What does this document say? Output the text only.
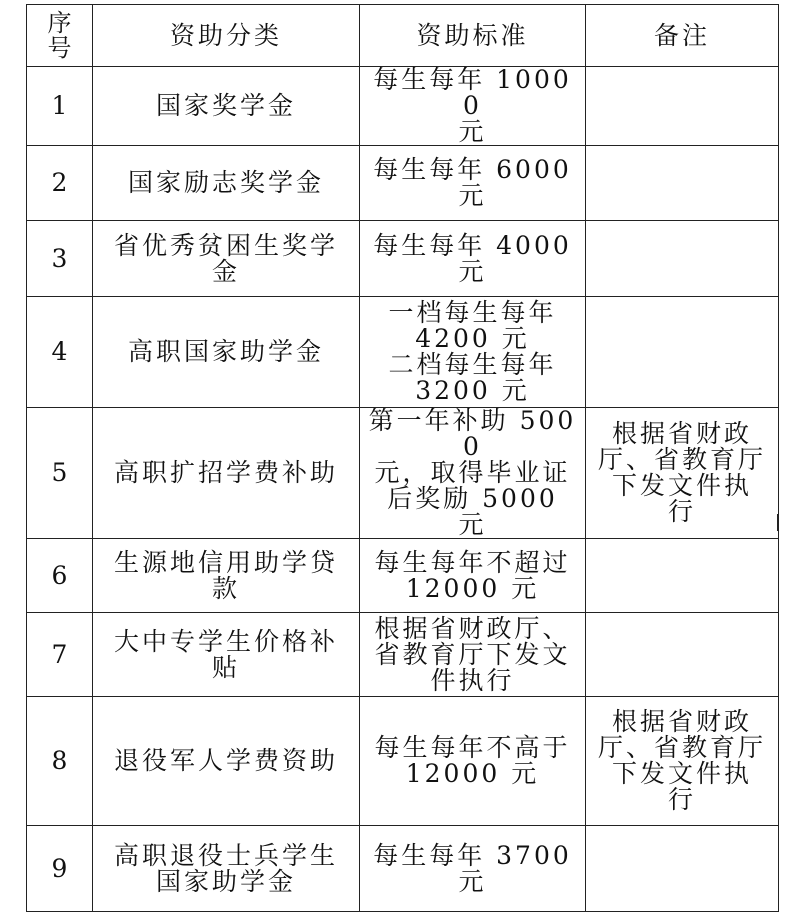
序
号	资助分类	资助标准	备注
1	国家奖学金	每生每年 10000
元	

2	国家励志奖学金	每生每年 6000
元	

3	省优秀贫困生奖学
金	每生每年 4000
元	

4	高职国家助学金	一档每生每年
4200 元
二档每生每年
3200 元	

5	高职扩招学费补助	第一年补助 5000
元，取得毕业证
后奖励 5000 元	根据省财政
厅、省教育厅
下发文件执
行

6	生源地信用助学贷
款	每生每年不超过
12000 元	

7	大中专学生价格补
贴	根据省财政厅、
省教育厅下发文
件执行	

8	退役军人学费资助	每生每年不高于
12000 元	根据省财政
厅、省教育厅
下发文件执
行

9	高职退役士兵学生
国家助学金	每生每年 3700
元	
